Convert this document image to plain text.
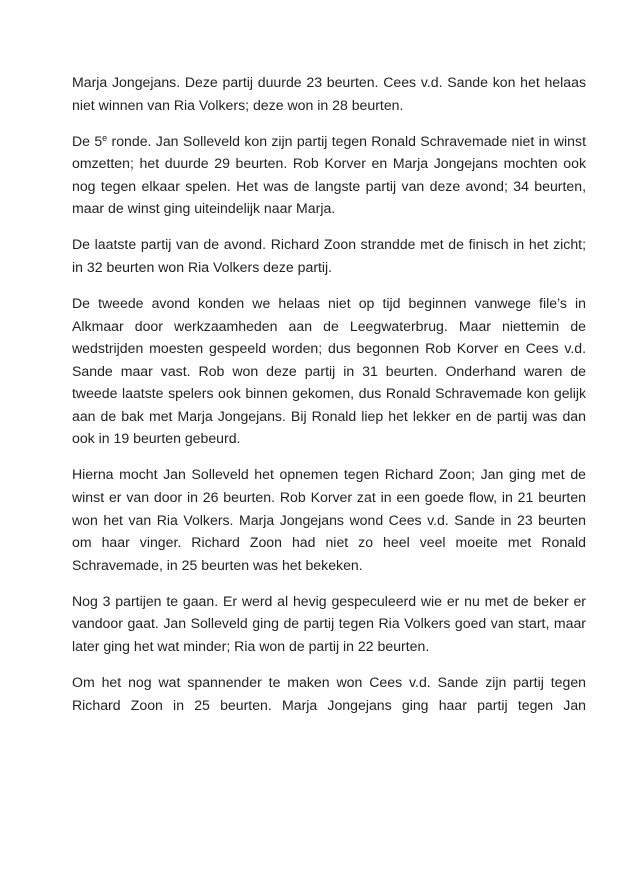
Marja Jongejans. Deze partij duurde 23 beurten. Cees v.d. Sande kon het helaas niet winnen van Ria Volkers; deze won in 28 beurten.

De 5e ronde. Jan Solleveld kon zijn partij tegen Ronald Schravemade niet in winst omzetten; het duurde 29 beurten. Rob Korver en Marja Jongejans mochten ook nog tegen elkaar spelen. Het was de langste partij van deze avond; 34 beurten, maar de winst ging uiteindelijk naar Marja.

De laatste partij van de avond. Richard Zoon strandde met de finisch in het zicht; in 32 beurten won Ria Volkers deze partij.

De tweede avond konden we helaas niet op tijd beginnen vanwege file’s in Alkmaar door werkzaamheden aan de Leegwaterbrug. Maar niettemin de wedstrijden moesten gespeeld worden; dus begonnen Rob Korver en Cees v.d. Sande maar vast. Rob won deze partij in 31 beurten. Onderhand waren de tweede laatste spelers ook binnen gekomen, dus Ronald Schravemade kon gelijk aan de bak met Marja Jongejans. Bij Ronald liep het lekker en de partij was dan ook in 19 beurten gebeurd.

Hierna mocht Jan Solleveld het opnemen tegen Richard Zoon; Jan ging met de winst er van door in 26 beurten. Rob Korver zat in een goede flow, in 21 beurten won het van Ria Volkers. Marja Jongejans wond Cees v.d. Sande in 23 beurten om haar vinger. Richard Zoon had niet zo heel veel moeite met Ronald Schravemade, in 25 beurten was het bekeken.

Nog 3 partijen te gaan. Er werd al hevig gespeculeerd wie er nu met de beker er vandoor gaat. Jan Solleveld ging de partij tegen Ria Volkers goed van start, maar later ging het wat minder; Ria won de partij in 22 beurten.

Om het nog wat spannender te maken won Cees v.d. Sande zijn partij tegen Richard Zoon in 25 beurten. Marja Jongejans ging haar partij tegen Jan
